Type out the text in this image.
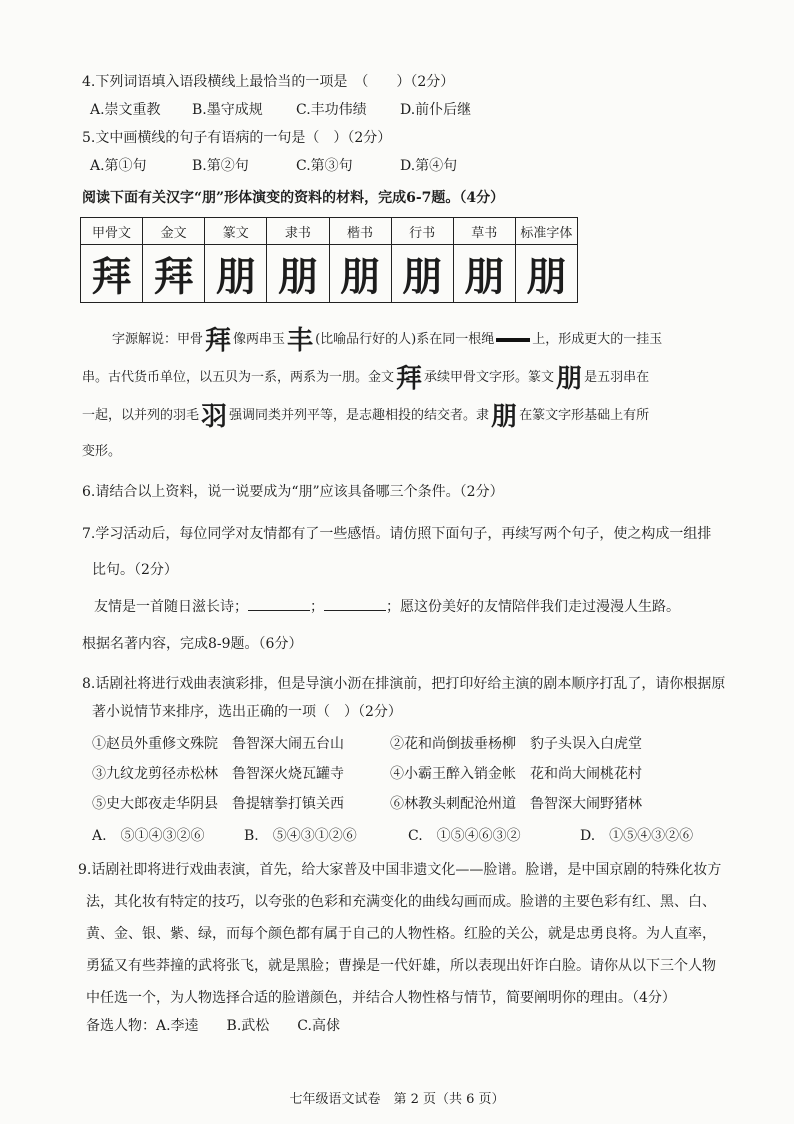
4.下列词语填入语段横线上最恰当的一项是　（　　）（2分）
A.崇文重教 B.墨守成规 C.丰功伟绩 D.前仆后继
5.文中画横线的句子有语病的一句是（　）（2分）
A.第①句	B.第②句	C.第③句	D.第④句
阅读下面有关汉字“朋”形体演变的资料的材料，完成6-7题。（4分）
甲骨文	金文	篆文	隶书	楷书	行书	草书	标准字体
拜	拜	朋	朋	朋	朋	朋	朋
字源解说：甲骨拜 像两串玉丰 (比喻品行好的人)系在同一根绳	上，形成更大的一挂玉
串。古代货币单位，以五贝为一系，两系为一朋。金文拜 承续甲骨文字形。篆文朋 是五羽串在
一起，以并列的羽毛羽 强调同类并列平等，是志趣相投的结交者。隶朋 在篆文字形基础上有所
变形。
6.请结合以上资料，说一说要成为“朋”应该具备哪三个条件。（2分）
7.学习活动后，每位同学对友情都有了一些感悟。请仿照下面句子，再续写两个句子，使之构成一组排
比句。（2分）
友情是一首随日滋长诗；	；	；愿这份美好的友情陪伴我们走过漫漫人生路。
根据名著内容，完成8-9题。（6分）
8.话剧社将进行戏曲表演彩排，但是导演小沥在排演前，把打印好给主演的剧本顺序打乱了，请你根据原
著小说情节来排序，选出正确的一项（　）（2分）
①赵员外重修文殊院　鲁智深大闹五台山	②花和尚倒拔垂杨柳　豹子头误入白虎堂
③九纹龙剪径赤松林　鲁智深火烧瓦罐寺	④小霸王醉入销金帐　花和尚大闹桃花村
⑤史大郎夜走华阴县　鲁提辖拳打镇关西	⑥林教头刺配沧州道　鲁智深大闹野猪林
A.　⑤①④③②⑥	B.　⑤④③①②⑥	C.　①⑤④⑥③②	D.　①⑤④③②⑥
9.话剧社即将进行戏曲表演，首先，给大家普及中国非遗文化——脸谱。脸谱，是中国京剧的特殊化妆方
法，其化妆有特定的技巧，以夸张的色彩和充满变化的曲线勾画而成。脸谱的主要色彩有红、黑、白、
黄、金、银、紫、绿，而每个颜色都有属于自己的人物性格。红脸的关公，就是忠勇良将。为人直率，
勇猛又有些莽撞的武将张飞，就是黑脸；曹操是一代奸雄，所以表现出奸诈白脸。请你从以下三个人物
中任选一个，为人物选择合适的脸谱颜色，并结合人物性格与情节，简要阐明你的理由。（4分）
备选人物：A.李逵　　B.武松　　C.高俅
七年级语文试卷　第 2 页（共 6 页）
